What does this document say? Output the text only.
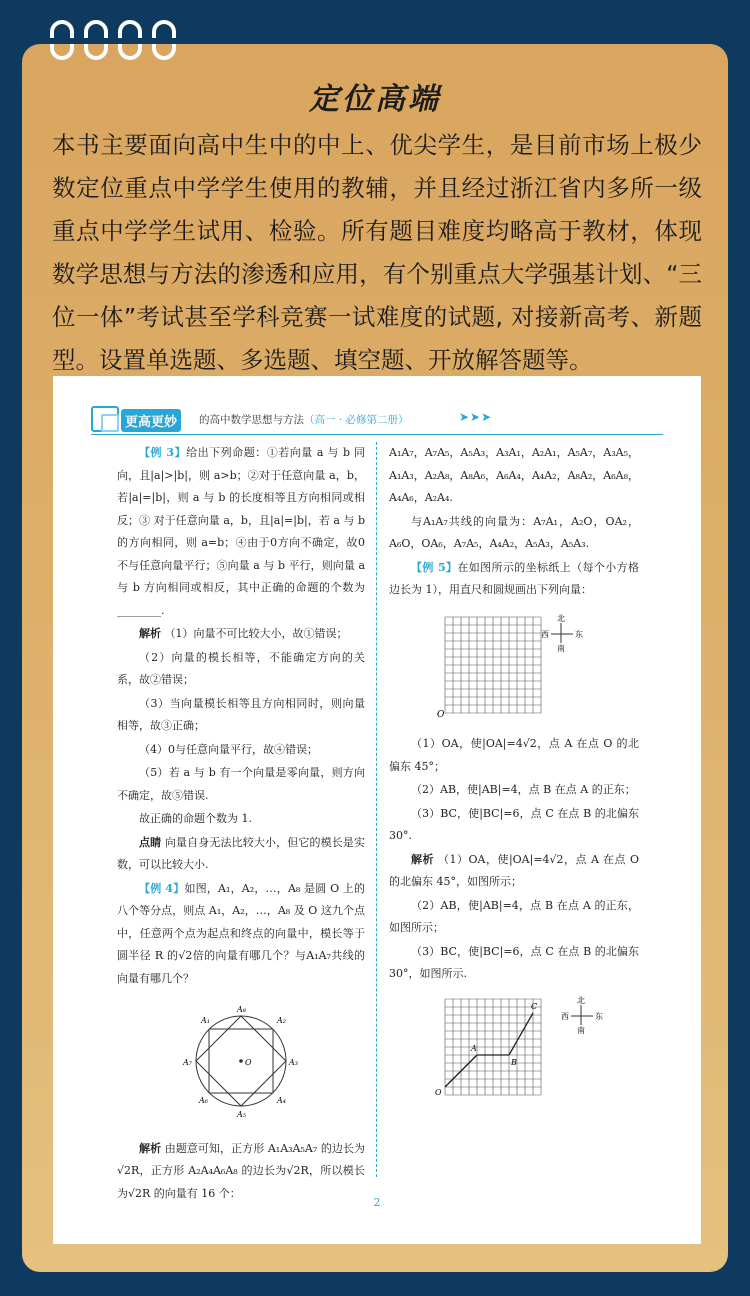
定位高端
本书主要面向高中生中的中上、优尖学生，是目前市场上极少数定位重点中学学生使用的教辅，并且经过浙江省内多所一级重点中学学生试用、检验。所有题目难度均略高于教材，体现数学思想与方法的渗透和应用，有个别重点大学强基计划、“三位一体”考试甚至学科竞赛一试难度的试题, 对接新高考、新题型。设置单选题、多选题、填空题、开放解答题等。
更高更妙	的高中数学思想与方法（高一 · 必修第二册）	➤➤➤
【例 3】给出下列命题：①若向量 a 与 b 同向，且|a|>|b|，则 a>b；②对于任意向量 a，b，若|a|=|b|，则 a 与 b 的长度相等且方向相同或相反；③ 对于任意向量 a，b，且|a|=|b|，若 a 与 b 的方向相同，则 a=b；④由于0方向不确定，故0不与任意向量平行；⑤向量 a 与 b 平行，则向量 a 与 b 方向相同或相反，其中正确的命题的个数为________.
解析 （1）向量不可比较大小，故①错误；
（2）向量的模长相等，不能确定方向的关系，故②错误；
（3）当向量模长相等且方向相同时，则向量相等，故③正确；
（4）0与任意向量平行，故④错误；
（5）若 a 与 b 有一个向量是零向量，则方向不确定，故⑤错误.
故正确的命题个数为 1.
点睛 向量自身无法比较大小，但它的模长是实数，可以比较大小.
【例 4】如图，A₁，A₂，…，A₈ 是圆 O 上的八个等分点，则点 A₁，A₂，…，A₈ 及 O 这九个点中，任意两个点为起点和终点的向量中，模长等于圆半径 R 的√2倍的向量有哪几个？与A₁A₇共线的向量有哪几个？
A₁	A₂
A₃
A₄
A₅
A₆
A₇
A₈
O
解析 由题意可知，正方形 A₁A₃A₅A₇ 的边长为√2R，正方形 A₂A₄A₆A₈ 的边长为√2R，所以模长为√2R 的向量有 16 个：
A₁A₇，A₇A₅，A₅A₃，A₃A₁，A₂A₁，A₅A₇，A₃A₅，A₁A₃，A₂A₈，A₈A₆，A₆A₄，A₄A₂，A₈A₂，A₆A₈，A₄A₆，A₂A₄.
与A₁A₇共线的向量为：A₇A₁，A₂O，OA₂，A₆O，OA₆，A₇A₅，A₄A₂，A₅A₃，A₅A₃.
【例 5】在如图所示的坐标纸上（每个小方格边长为 1），用直尺和圆规画出下列向量：
O
北
南
西	东
（1）OA，使|OA|=4√2，点 A 在点 O 的北偏东 45°；
（2）AB，使|AB|=4，点 B 在点 A 的正东；
（3）BC，使|BC|=6，点 C 在点 B 的北偏东 30°.
解析 （1）OA，使|OA|=4√2，点 A 在点 O 的北偏东 45°，如图所示；
（2）AB，使|AB|=4，点 B 在点 A 的正东，如图所示；
（3）BC，使|BC|=6，点 C 在点 B 的北偏东 30°，如图所示.
O
A
B
C
北
南
西	东
2
